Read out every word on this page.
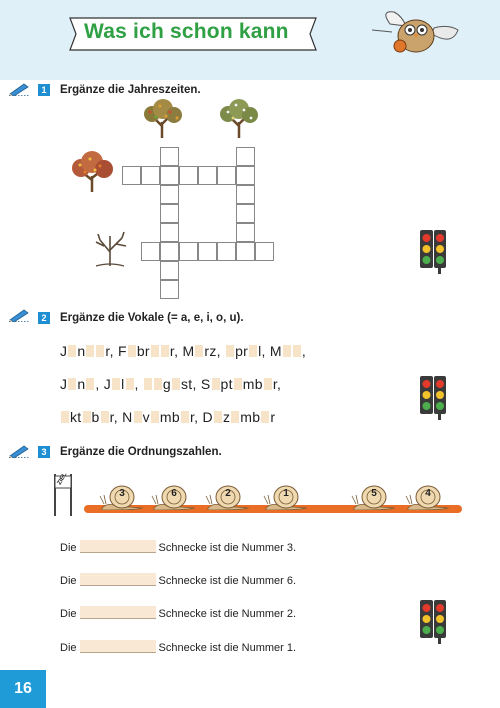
Was ich schon kann
1	Ergänze die Jahreszeiten.
2	Ergänze die Vokale (= a, e, i, o, u).
J n r, F br r, M rz, pr l, M ,
J n , J l , g st, S pt mb r,
kt b r, N v mb r, D z mb r
3	Ergänze die Ordnungszahlen.
ZIEL
3	6	2	1	5	4
Die	Schnecke ist die Nummer 3.
Die	Schnecke ist die Nummer 6.
Die	Schnecke ist die Nummer 2.
Die	Schnecke ist die Nummer 1.
16
